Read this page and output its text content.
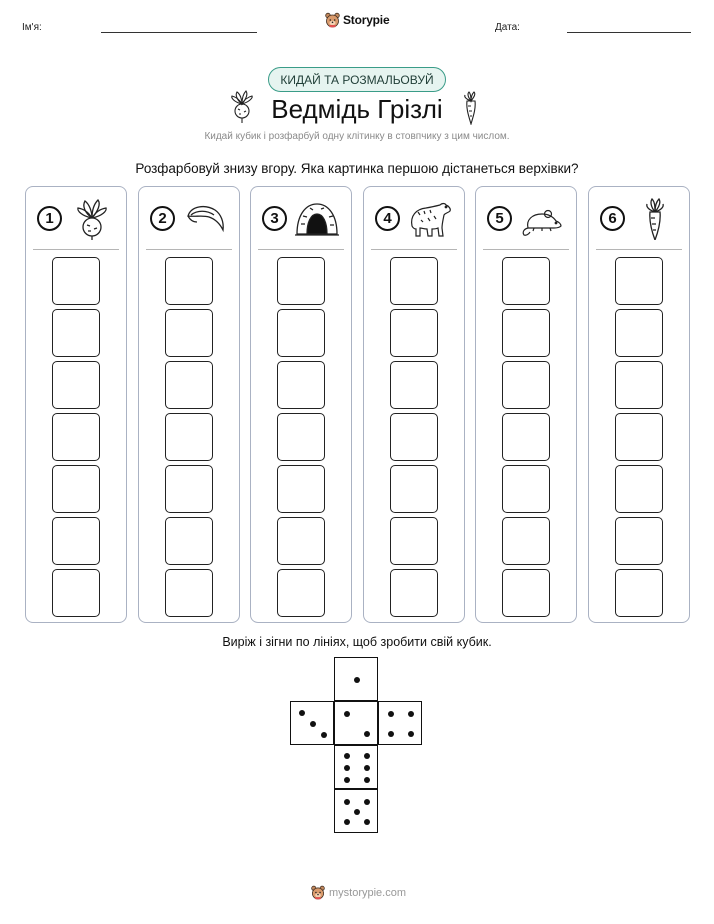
Ім'я:
Storypie
Дата:
КИДАЙ ТА РОЗМАЛЬОВУЙ
Ведмідь Грізлі
Кидай кубик і розфарбуй одну клітинку в стовпчику з цим числом.
Розфарбовуй знизу вгору. Яка картинка першою дістанеться верхівки?
1	2	3	4	5	6
Виріж і зігни по лініях, щоб зробити свій кубик.
mystorypie.com
